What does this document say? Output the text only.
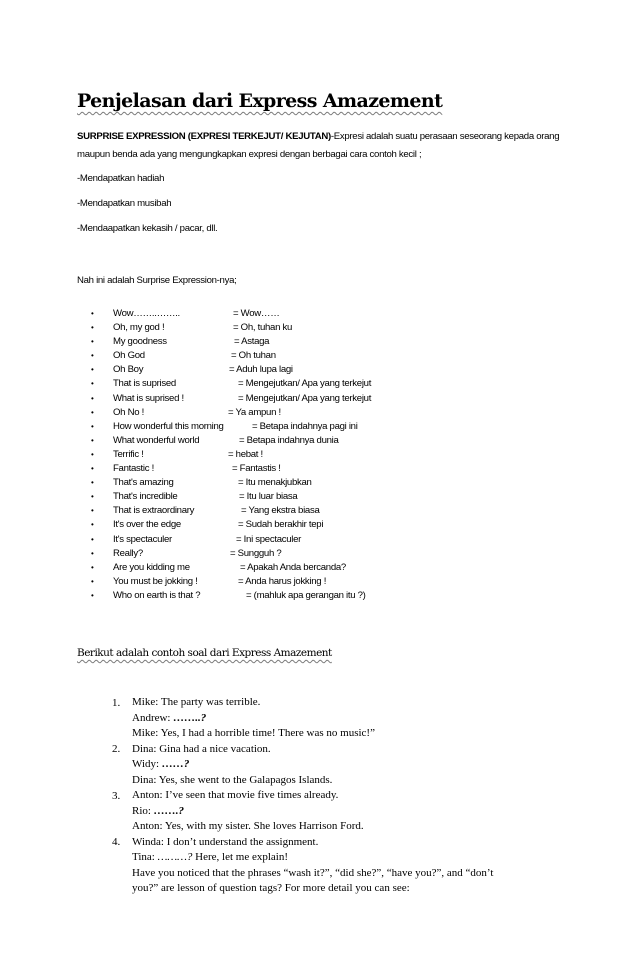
Penjelasan dari Express Amazement
SURPRISE EXPRESSION (EXPRESI TERKEJUT/ KEJUTAN)-Expresi adalah suatu perasaan seseorang kepada orang maupun benda ada yang mengungkapkan expresi dengan berbagai cara contoh kecil ;
-Mendapatkan hadiah
-Mendapatkan musibah
-Mendaapatkan kekasih / pacar, dll.
Nah ini adalah Surprise Expression-nya;
• Wow……..……..	= Wow……
• Oh, my god !	= Oh, tuhan ku
• My goodness	= Astaga
• Oh God	= Oh tuhan
• Oh Boy	= Aduh lupa lagi
• That is suprised	= Mengejutkan/ Apa yang terkejut
• What is suprised !	= Mengejutkan/ Apa yang terkejut
• Oh No !	= Ya ampun !
• How wonderful this morning	= Betapa indahnya pagi ini
• What wonderful world	= Betapa indahnya dunia
• Terrific !	= hebat !
• Fantastic !	= Fantastis !
• That's amazing	= Itu menakjubkan
• That's incredible	= Itu luar biasa
• That is extraordinary	= Yang ekstra biasa
• It's over the edge	= Sudah berakhir tepi
• It's spectaculer	= Ini spectaculer
• Really?	= Sungguh ?
• Are you kidding me	= Apakah Anda bercanda?
• You must be jokking !	= Anda harus jokking !
• Who on earth is that ?	= (mahluk apa gerangan itu ?)
Berikut adalah contoh soal dari Express Amazement
1. Mike: The party was terrible.
Andrew: ……..?
Mike: Yes, I had a horrible time! There was no music!”
2. Dina: Gina had a nice vacation.
Widy: ……?
Dina: Yes, she went to the Galapagos Islands.
3. Anton: I’ve seen that movie five times already.
Rio: …….?
Anton: Yes, with my sister. She loves Harrison Ford.
4. Winda: I don’t understand the assignment.
Tina: ………? Here, let me explain!
Have you noticed that the phrases “wash it?”, “did she?”, “have you?”, and “don’t
you?” are lesson of question tags? For more detail you can see:
